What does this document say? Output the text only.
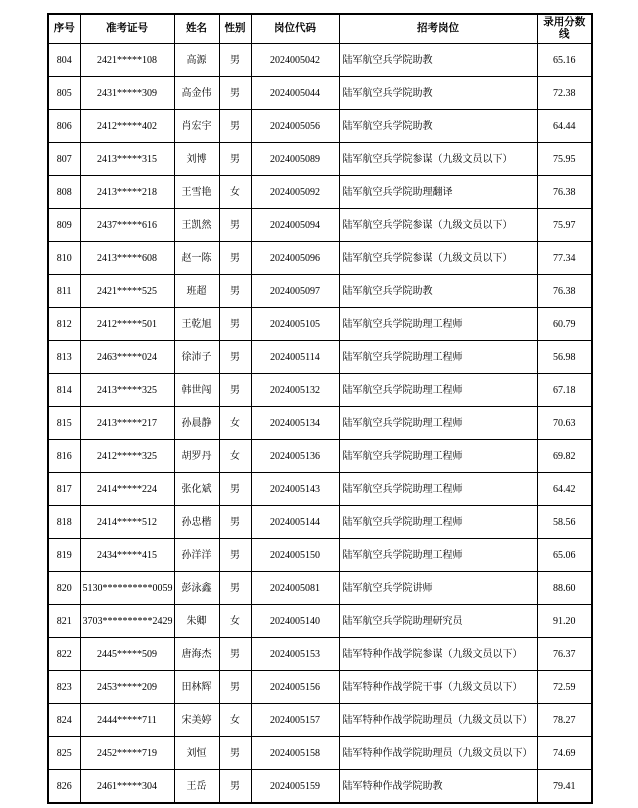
序号	准考证号	姓名	性别	岗位代码	招考岗位	录用分数线
804	2421*****108	高源	男	2024005042	陆军航空兵学院助教	65.16
805	2431*****309	高金伟	男	2024005044	陆军航空兵学院助教	72.38
806	2412*****402	肖宏宇	男	2024005056	陆军航空兵学院助教	64.44
807	2413*****315	刘博	男	2024005089	陆军航空兵学院参谋（九级文员以下）	75.95
808	2413*****218	王雪艳	女	2024005092	陆军航空兵学院助理翻译	76.38
809	2437*****616	王凯然	男	2024005094	陆军航空兵学院参谋（九级文员以下）	75.97
810	2413*****608	赵一陈	男	2024005096	陆军航空兵学院参谋（九级文员以下）	77.34
811	2421*****525	班超	男	2024005097	陆军航空兵学院助教	76.38
812	2412*****501	王乾旭	男	2024005105	陆军航空兵学院助理工程师	60.79
813	2463*****024	徐沛子	男	2024005114	陆军航空兵学院助理工程师	56.98
814	2413*****325	韩世闯	男	2024005132	陆军航空兵学院助理工程师	67.18
815	2413*****217	孙晨静	女	2024005134	陆军航空兵学院助理工程师	70.63
816	2412*****325	胡罗丹	女	2024005136	陆军航空兵学院助理工程师	69.82
817	2414*****224	张化斌	男	2024005143	陆军航空兵学院助理工程师	64.42
818	2414*****512	孙忠楷	男	2024005144	陆军航空兵学院助理工程师	58.56
819	2434*****415	孙洋洋	男	2024005150	陆军航空兵学院助理工程师	65.06
820	5130**********0059	彭泳鑫	男	2024005081	陆军航空兵学院讲师	88.60
821	3703**********2429	朱卿	女	2024005140	陆军航空兵学院助理研究员	91.20
822	2445*****509	唐海杰	男	2024005153	陆军特种作战学院参谋（九级文员以下）	76.37
823	2453*****209	田林辉	男	2024005156	陆军特种作战学院干事（九级文员以下）	72.59
824	2444*****711	宋美婷	女	2024005157	陆军特种作战学院助理员（九级文员以下）	78.27
825	2452*****719	刘恒	男	2024005158	陆军特种作战学院助理员（九级文员以下）	74.69
826	2461*****304	王岳	男	2024005159	陆军特种作战学院助教	79.41
